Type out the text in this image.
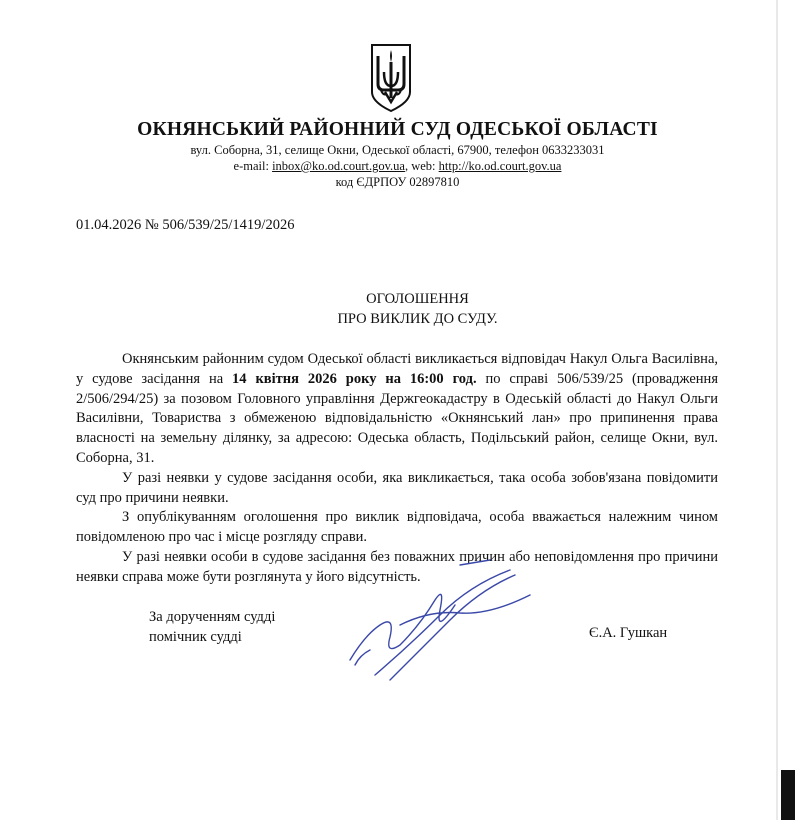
ОКНЯНСЬКИЙ РАЙОННИЙ СУД ОДЕСЬКОЇ ОБЛАСТІ
вул. Соборна, 31, селище Окни, Одеської області, 67900, телефон 0633233031
e-mail: inbox@ko.od.court.gov.ua, web: http://ko.od.court.gov.ua
код ЄДРПОУ 02897810
01.04.2026 № 506/539/25/1419/2026
ОГОЛОШЕННЯ
ПРО ВИКЛИК ДО СУДУ.

Окнянським районним судом Одеської області викликається відповідач Накул Ольга Василівна, у судове засідання на 14 квітня 2026 року на 16:00 год. по справі 506/539/25 (провадження 2/506/294/25) за позовом Головного управління Держгеокадастру в Одеській області до Накул Ольги Василівни, Товариства з обмеженою відповідальністю «Окнянський лан» про припинення права власності на земельну ділянку, за адресою: Одеська область, Подільський район, селище Окни, вул. Соборна, 31.

У разі неявки у судове засідання особи, яка викликається, така особа зобов'язана повідомити суд про причини неявки.

З опублікуванням оголошення про виклик відповідача, особа вважається належним чином повідомленою про час і місце розгляду справи.

У разі неявки особи в судове засідання без поважних причин або неповідомлення про причини неявки справа може бути розглянута у його відсутність.

За дорученням судді
помічник судді	Є.А. Гушкан
